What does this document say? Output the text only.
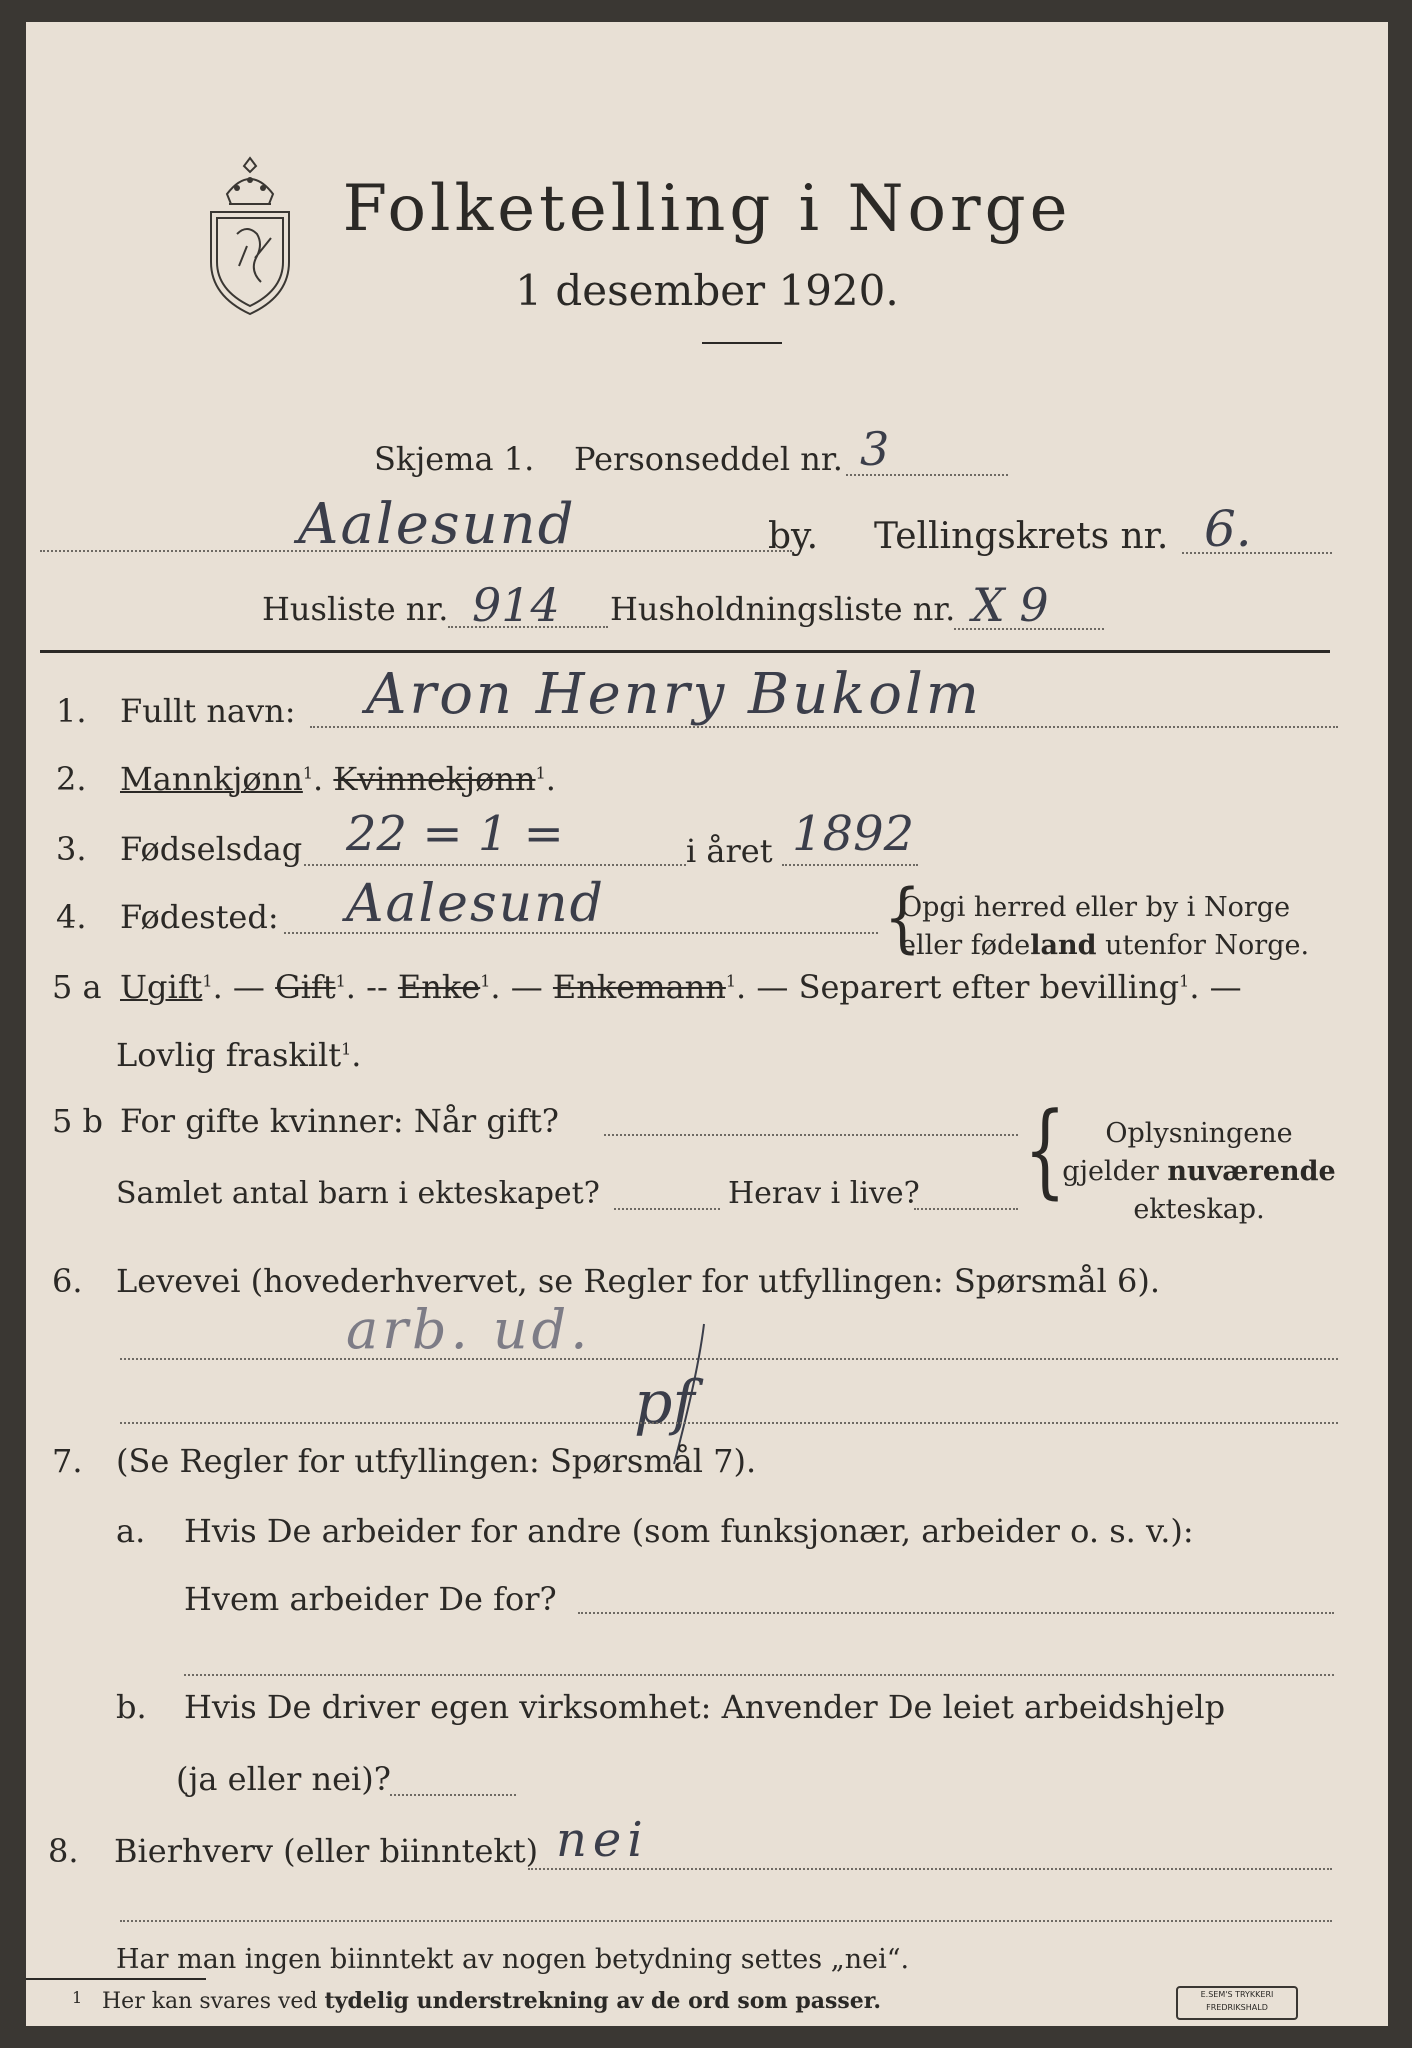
Folketelling i Norge
1 desember 1920.
Skjema 1. Personseddel nr. 3
Aalesund	by. Tellingskrets nr. 6.
Husliste nr. 914 Husholdningsliste nr. X 9
1. Fullt navn: Aron Henry Bukolm
2. Mannkjønn$^1$. Kvinnekjønn$^1$.
3. Fødselsdag 22 = 1 =	i året 1892
4. Fødested: Aalesund	{
Opgi herred eller by i Norge
eller fødeland utenfor Norge.
5 a Ugift$^1$. — Gift$^1$. -- Enke$^1$. — Enkemann$^1$. — Separert efter bevilling$^1$. —
Lovlig fraskilt$^1$.
5 b For gifte kvinner: Når gift?
Samlet antal barn i ekteskapet?	Herav i live? {	Oplysningene
gjelder nuværende
ekteskap.
6. Levevei (hovederhvervet, se Regler for utfyllingen: Spørsmål 6).
arb. ud.
pf
7. (Se Regler for utfyllingen: Spørsmål 7).
a. Hvis De arbeider for andre (som funksjonær, arbeider o. s. v.):
Hvem arbeider De for?
b. Hvis De driver egen virksomhet: Anvender De leiet arbeidshjelp
(ja eller nei)?
8. Bierhverv (eller biinntekt) nei
Har man ingen biinntekt av nogen betydning settes „nei“.
1 Her kan svares ved tydelig understrekning av de ord som passer.	E.SEM'S TRYKKERI
FREDRIKSHALD
